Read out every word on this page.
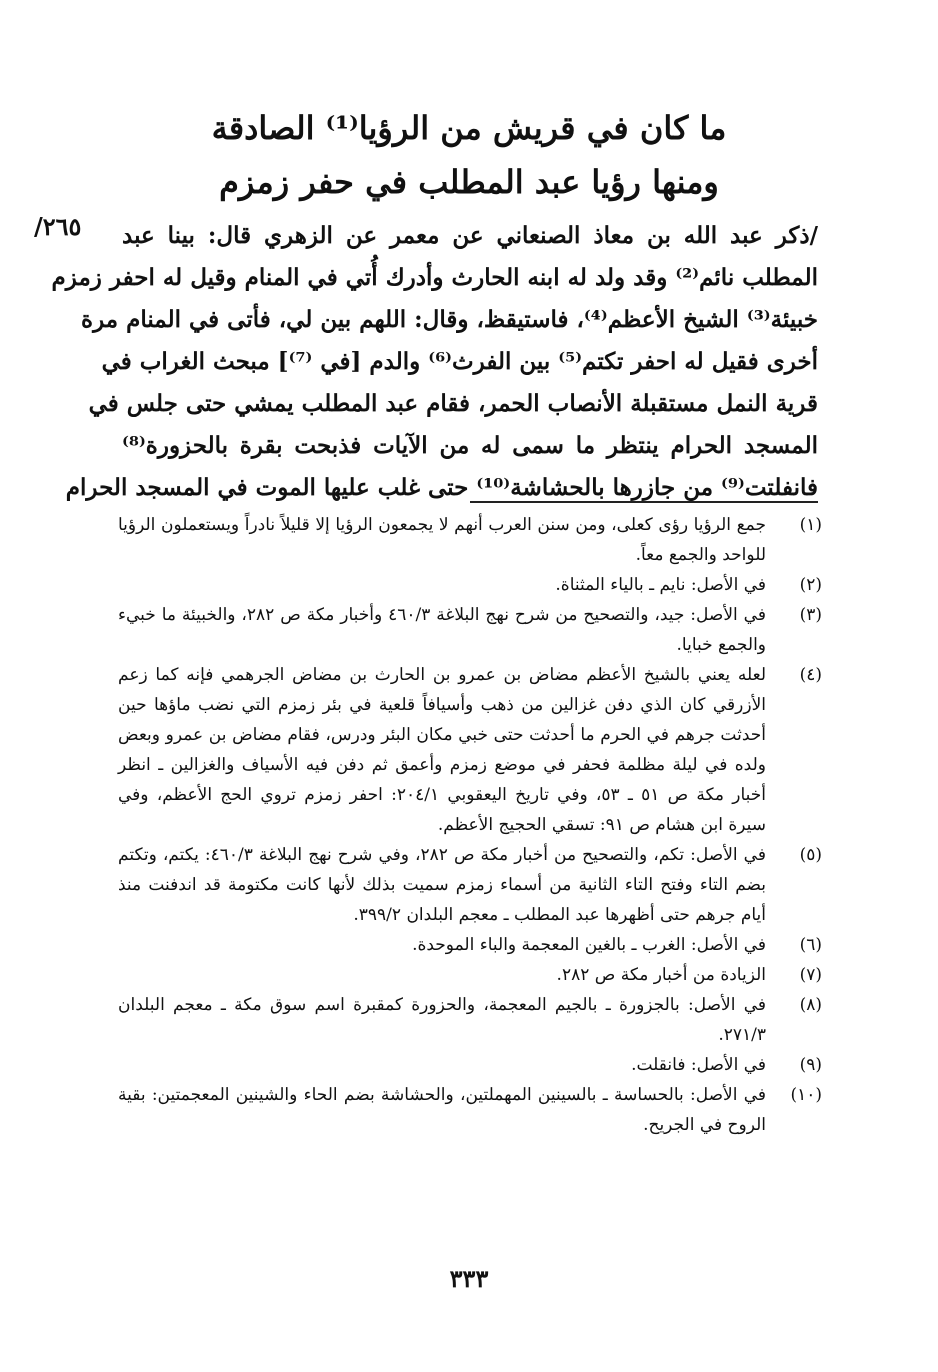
ما كان في قريش من الرؤيا⁽¹⁾ الصادقة
ومنها رؤيا عبد المطلب في حفر زمزم
٢٦٥/	/ذكر عبد الله بن معاذ الصنعاني عن معمر عن الزهري قال: بينا عبد
المطلب نائم⁽²⁾ وقد ولد له ابنه الحارث وأدرك أُتي في المنام وقيل له احفر زمزم
خبيئة⁽³⁾ الشيخ الأعظم⁽⁴⁾، فاستيقظ، وقال: اللهم بين لي، فأتى في المنام مرة
أخرى فقيل له احفر تكتم⁽⁵⁾ بين الفرث⁽⁶⁾ والدم [في ⁽⁷⁾] مبحث الغراب في
قرية النمل مستقبلة الأنصاب الحمر، فقام عبد المطلب يمشي حتى جلس في
المسجد الحرام ينتظر ما سمى له من الآيات فذبحت بقرة بالحزورة⁽⁸⁾
فانفلتت⁽⁹⁾ من جازرها بالحشاشة⁽¹⁰⁾ حتى غلب عليها الموت في المسجد الحرام
(١)
جمع الرؤيا رؤى كعلى، ومن سنن العرب أنهم لا يجمعون الرؤيا إلا قليلاً نادراً ويستعملون الرؤيا للواحد والجمع معاً.
(٢)
في الأصل: نايم ـ بالياء المثناة.
(٣)
في الأصل: جيد، والتصحيح من شرح نهج البلاغة ٤٦٠/٣ وأخبار مكة ص ٢٨٢، والخبيئة ما خبيء والجمع خبايا.
(٤)
لعله يعني بالشيخ الأعظم مضاض بن عمرو بن الحارث بن مضاض الجرهمي فإنه كما زعم الأزرقي كان الذي دفن غزالين من ذهب وأسيافاً قلعية في بئر زمزم التي نضب ماؤها حين أحدثت جرهم في الحرم ما أحدثت حتى خبي مكان البئر ودرس، فقام مضاض بن عمرو وبعض ولده في ليلة مظلمة فحفر في موضع زمزم وأعمق ثم دفن فيه الأسياف والغزالين ـ انظر أخبار مكة ص ٥١ ـ ٥٣، وفي تاريخ اليعقوبي ٢٠٤/١: احفر زمزم تروي الحج الأعظم، وفي سيرة ابن هشام ص ٩١: تسقي الحجيج الأعظم.
(٥)
في الأصل: تكم، والتصحيح من أخبار مكة ص ٢٨٢، وفي شرح نهج البلاغة ٤٦٠/٣: يكتم، وتكتم بضم التاء وفتح التاء الثانية من أسماء زمزم سميت بذلك لأنها كانت مكتومة قد اندفنت منذ أيام جرهم حتى أظهرها عبد المطلب ـ معجم البلدان ٣٩٩/٢.
(٦)
في الأصل: الغرب ـ بالغين المعجمة والباء الموحدة.
(٧)
الزيادة من أخبار مكة ص ٢٨٢.
(٨)
في الأصل: بالجزورة ـ بالجيم المعجمة، والحزورة كمقبرة اسم سوق مكة ـ معجم البلدان ٢٧١/٣.
(٩)
في الأصل: فانقلت.
(١٠)
في الأصل: بالحساسة ـ بالسينين المهملتين، والحشاشة بضم الحاء والشينين المعجمتين: بقية الروح في الجريح.
٣٣٣
